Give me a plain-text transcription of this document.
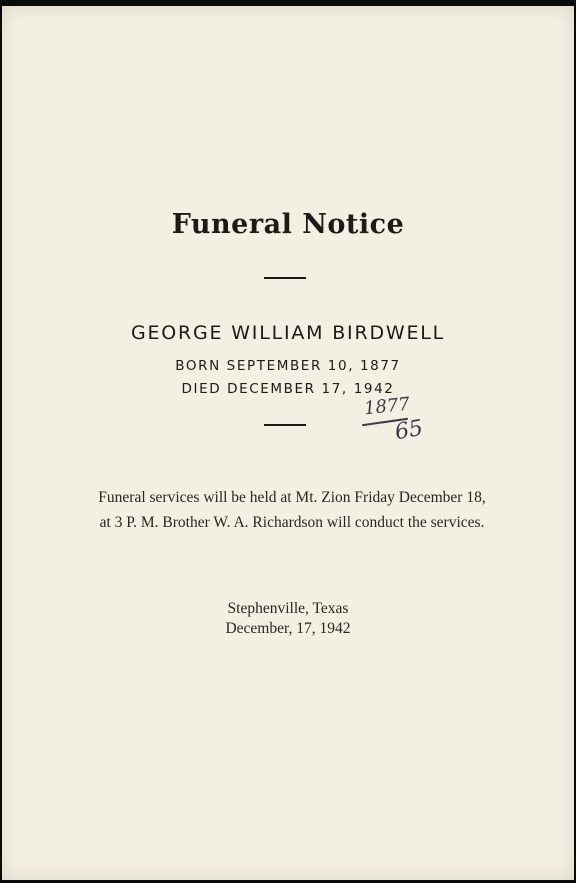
Funeral Notice
GEORGE WILLIAM BIRDWELL
BORN SEPTEMBER 10, 1877
DIED DECEMBER 17, 1942
1877
65
Funeral services will be held at Mt. Zion Friday December 18,
at 3 P. M. Brother W. A. Richardson will conduct the services.
Stephenville, Texas
December, 17, 1942
